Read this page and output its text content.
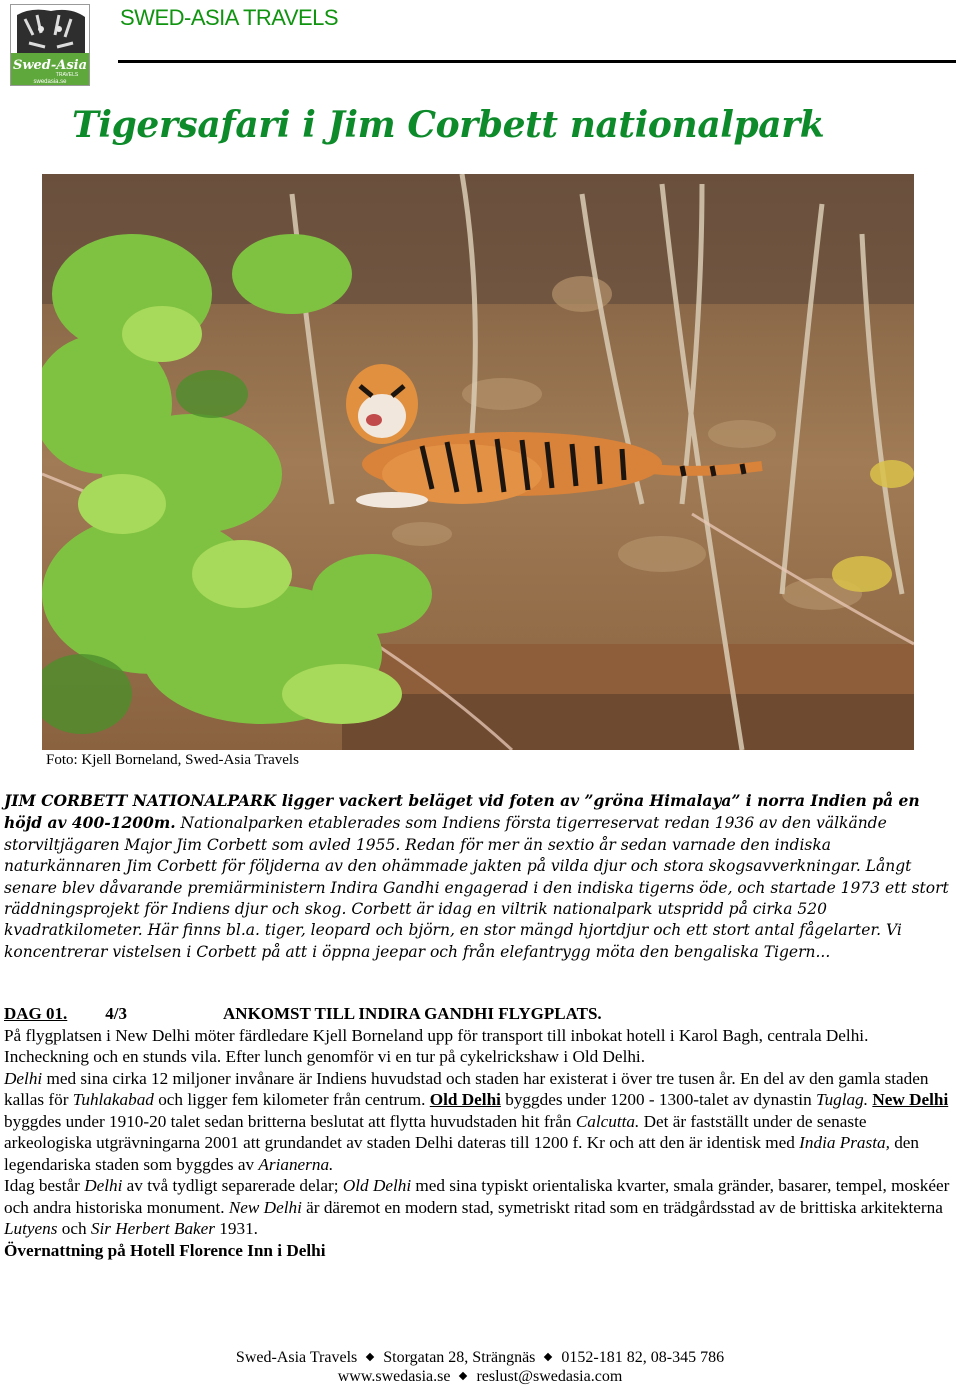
Swed-Asia
TRAVELS
swedasia.se
SWED-ASIA TRAVELS
Tigersafari i Jim Corbett nationalpark
Foto: Kjell Borneland, Swed-Asia Travels
JIM CORBETT NATIONALPARK ligger vackert beläget vid foten av ”gröna Himalaya” i norra Indien på en höjd av 400-1200m. Nationalparken etablerades som Indiens första tigerreservat redan 1936 av den välkände storviltjägaren Major Jim Corbett som avled 1955. Redan för mer än sextio år sedan varnade den indiska naturkännaren Jim Corbett för följderna av den ohämmade jakten på vilda djur och stora skogsavverkningar. Långt senare blev dåvarande premiärministern Indira Gandhi engagerad i den indiska tigerns öde, och startade 1973 ett stort räddningsprojekt för Indiens djur och skog. Corbett är idag en viltrik nationalpark utspridd på cirka 520 kvadratkilometer. Här finns bl.a. tiger, leopard och björn, en stor mängd hjortdjur och ett stort antal fågelarter. Vi koncentrerar vistelsen i Corbett på att i öppna jeepar och från elefantrygg möta den bengaliska Tigern...
DAG 01. 4/3	ANKOMST TILL INDIRA GANDHI FLYGPLATS.

På flygplatsen i New Delhi möter färdledare Kjell Borneland upp för transport till inbokat hotell i Karol Bagh, centrala Delhi. Incheckning och en stunds vila. Efter lunch genomför vi en tur på cykelrickshaw i Old Delhi.

Delhi med sina cirka 12 miljoner invånare är Indiens huvudstad och staden har existerat i över tre tusen år. En del av den gamla staden kallas för Tuhlakabad och ligger fem kilometer från centrum. Old Delhi byggdes under 1200 - 1300-talet av dynastin Tuglag. New Delhi byggdes under 1910-20 talet sedan britterna beslutat att flytta huvudstaden hit från Calcutta. Det är fastställt under de senaste arkeologiska utgrävningarna 2001 att grundandet av staden Delhi dateras till 1200 f. Kr och att den är identisk med India Prasta, den legendariska staden som byggdes av Arianerna.

Idag består Delhi av två tydligt separerade delar; Old Delhi med sina typiskt orientaliska kvarter, smala gränder, basarer, tempel, moskéer och andra historiska monument. New Delhi är däremot en modern stad, symetriskt ritad som en trädgårdsstad av de brittiska arkitekterna Lutyens och Sir Herbert Baker 1931.

Övernattning på Hotell Florence Inn i Delhi

Swed-Asia Travels Storgatan 28, Strängnäs 0152-181 82, 08-345 786
www.swedasia.se reslust@swedasia.com
